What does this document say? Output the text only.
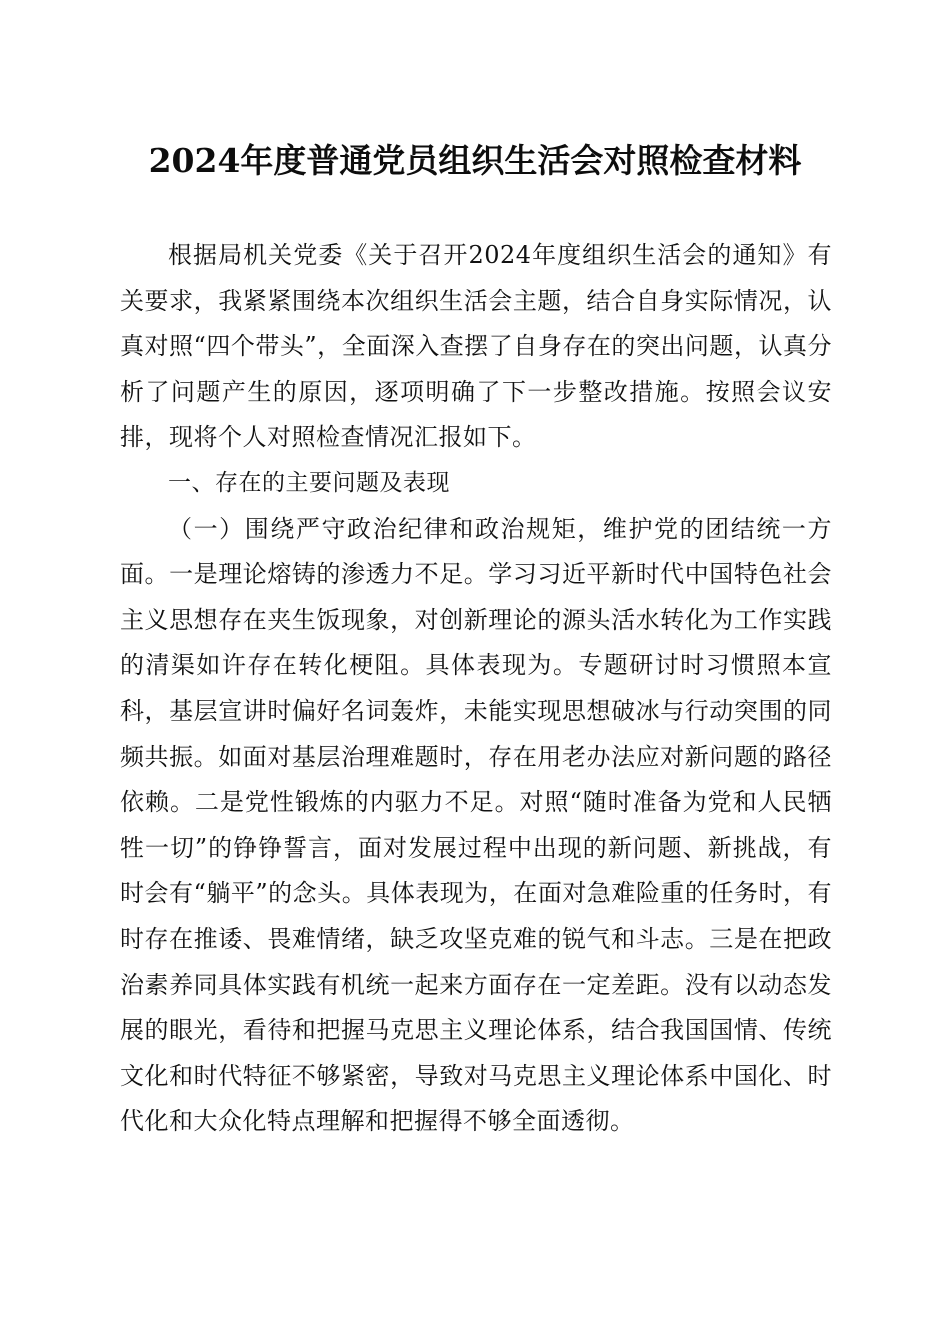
2024年度普通党员组织生活会对照检查材料

根据局机关党委《关于召开2024年度组织生活会的通知》有关要求，我紧紧围绕本次组织生活会主题，结合自身实际情况，认真对照“四个带头”，全面深入查摆了自身存在的突出问题，认真分析了问题产生的原因，逐项明确了下一步整改措施。按照会议安排，现将个人对照检查情况汇报如下。

一、存在的主要问题及表现

（一）围绕严守政治纪律和政治规矩，维护党的团结统一方面。一是理论熔铸的渗透力不足。学习习近平新时代中国特色社会主义思想存在夹生饭现象，对创新理论的源头活水转化为工作实践的清渠如许存在转化梗阻。具体表现为。专题研讨时习惯照本宣科，基层宣讲时偏好名词轰炸，未能实现思想破冰与行动突围的同频共振。如面对基层治理难题时，存在用老办法应对新问题的路径依赖。二是党性锻炼的内驱力不足。对照“随时准备为党和人民牺牲一切”的铮铮誓言，面对发展过程中出现的新问题、新挑战，有时会有“躺平”的念头。具体表现为，在面对急难险重的任务时，有时存在推诿、畏难情绪，缺乏攻坚克难的锐气和斗志。三是在把政治素养同具体实践有机统一起来方面存在一定差距。没有以动态发展的眼光，看待和把握马克思主义理论体系，结合我国国情、传统文化和时代特征不够紧密，导致对马克思主义理论体系中国化、时代化和大众化特点理解和把握得不够全面透彻。
